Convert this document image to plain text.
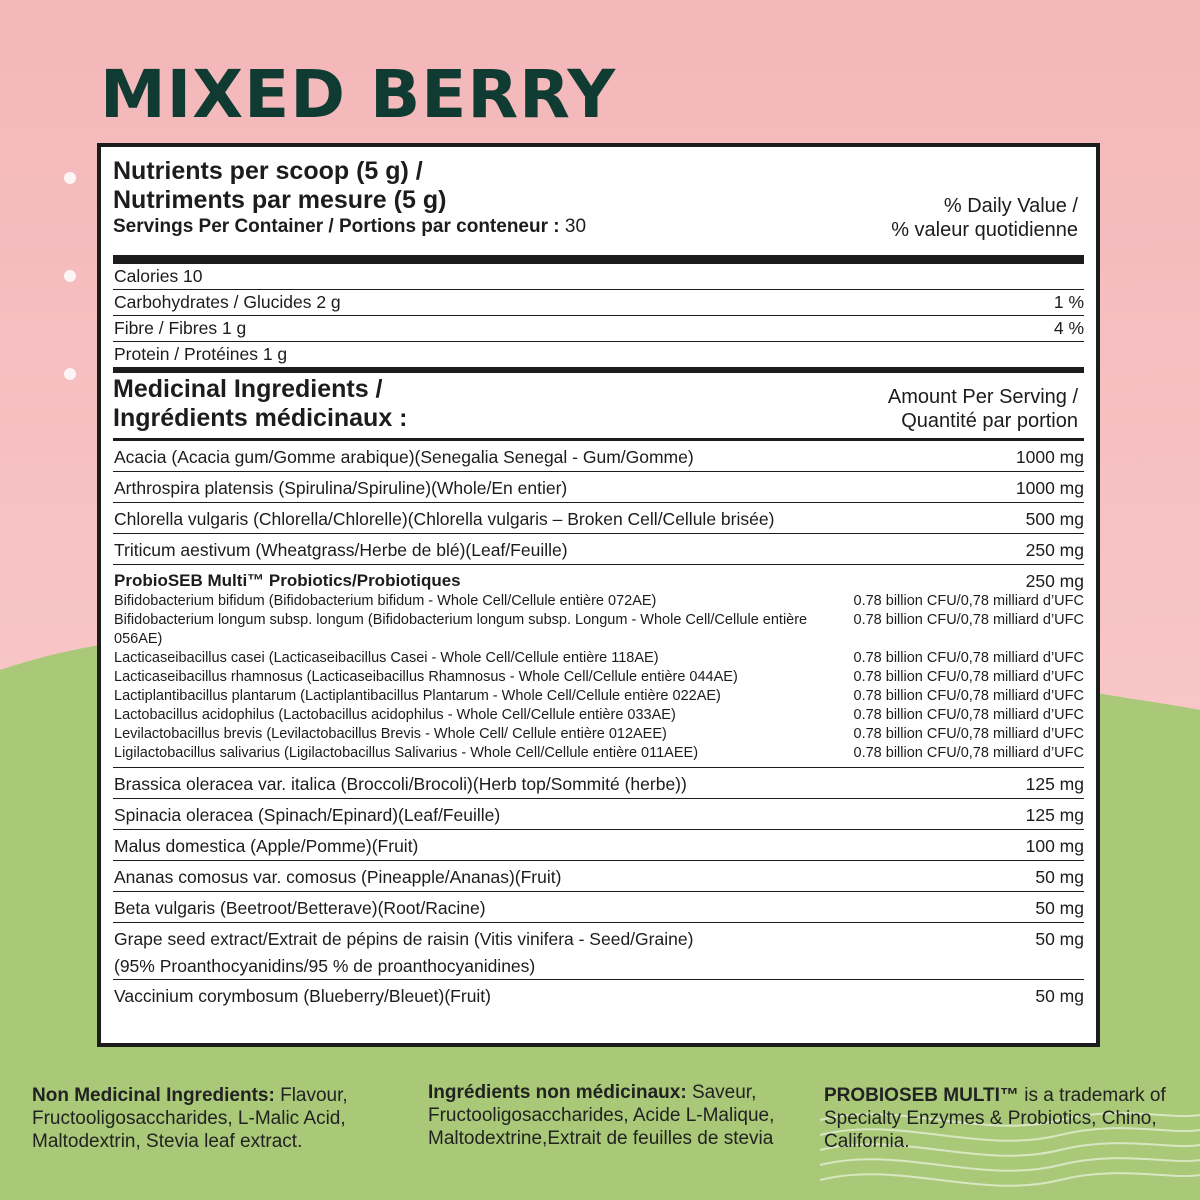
MIXED BERRY
Nutrients per scoop (5 g) /
Nutriments par mesure (5 g)
Servings Per Container / Portions par conteneur : 30
% Daily Value /
% valeur quotidienne
Calories 10
Carbohydrates / Glucides 2 g	1 %
Fibre / Fibres 1 g	4 %
Protein / Protéines 1 g
Medicinal Ingredients /
Ingrédients médicinaux :
Amount Per Serving /
Quantité par portion
Acacia (Acacia gum/Gomme arabique)(Senegalia Senegal - Gum/Gomme)	1000 mg
Arthrospira platensis (Spirulina/Spiruline)(Whole/En entier)	1000 mg
Chlorella vulgaris (Chlorella/Chlorelle)(Chlorella vulgaris – Broken Cell/Cellule brisée)	500 mg
Triticum aestivum (Wheatgrass/Herbe de blé)(Leaf/Feuille)	250 mg
ProbioSEB Multi™ Probiotics/Probiotiques	250 mg
Bifidobacterium bifidum (Bifidobacterium bifidum - Whole Cell/Cellule entière 072AE)	0.78 billion CFU/0,78 milliard d’UFC
Bifidobacterium longum subsp. longum (Bifidobacterium longum subsp. Longum - Whole Cell/Cellule entière 056AE)
0.78 billion CFU/0,78 milliard d’UFC
Lacticaseibacillus casei (Lacticaseibacillus Casei - Whole Cell/Cellule entière 118AE)	0.78 billion CFU/0,78 milliard d’UFC
Lacticaseibacillus rhamnosus (Lacticaseibacillus Rhamnosus - Whole Cell/Cellule entière 044AE)	0.78 billion CFU/0,78 milliard d’UFC
Lactiplantibacillus plantarum (Lactiplantibacillus Plantarum - Whole Cell/Cellule entière 022AE)	0.78 billion CFU/0,78 milliard d’UFC
Lactobacillus acidophilus (Lactobacillus acidophilus - Whole Cell/Cellule entière 033AE)	0.78 billion CFU/0,78 milliard d’UFC
Levilactobacillus brevis (Levilactobacillus Brevis - Whole Cell/ Cellule entière 012AEE)	0.78 billion CFU/0,78 milliard d’UFC
Ligilactobacillus salivarius (Ligilactobacillus Salivarius - Whole Cell/Cellule entière 011AEE)	0.78 billion CFU/0,78 milliard d’UFC
Brassica oleracea var. italica (Broccoli/Brocoli)(Herb top/Sommité (herbe))	125 mg
Spinacia oleracea (Spinach/Epinard)(Leaf/Feuille)	125 mg
Malus domestica (Apple/Pomme)(Fruit)	100 mg
Ananas comosus var. comosus (Pineapple/Ananas)(Fruit)	50 mg
Beta vulgaris (Beetroot/Betterave)(Root/Racine)	50 mg
Grape seed extract/Extrait de pépins de raisin (Vitis vinifera - Seed/Graine)	50 mg
(95% Proanthocyanidins/95 % de proanthocyanidines)
Vaccinium corymbosum (Blueberry/Bleuet)(Fruit)	50 mg
Non Medicinal Ingredients: Flavour, Fructooligosaccharides, L-Malic Acid, Maltodextrin, Stevia leaf extract.
Ingrédients non médicinaux: Saveur, Fructooligosaccharides, Acide L-Malique, Maltodextrine,Extrait de feuilles de stevia
PROBIOSEB MULTI™ is a trademark of Specialty Enzymes & Probiotics, Chino, California.
